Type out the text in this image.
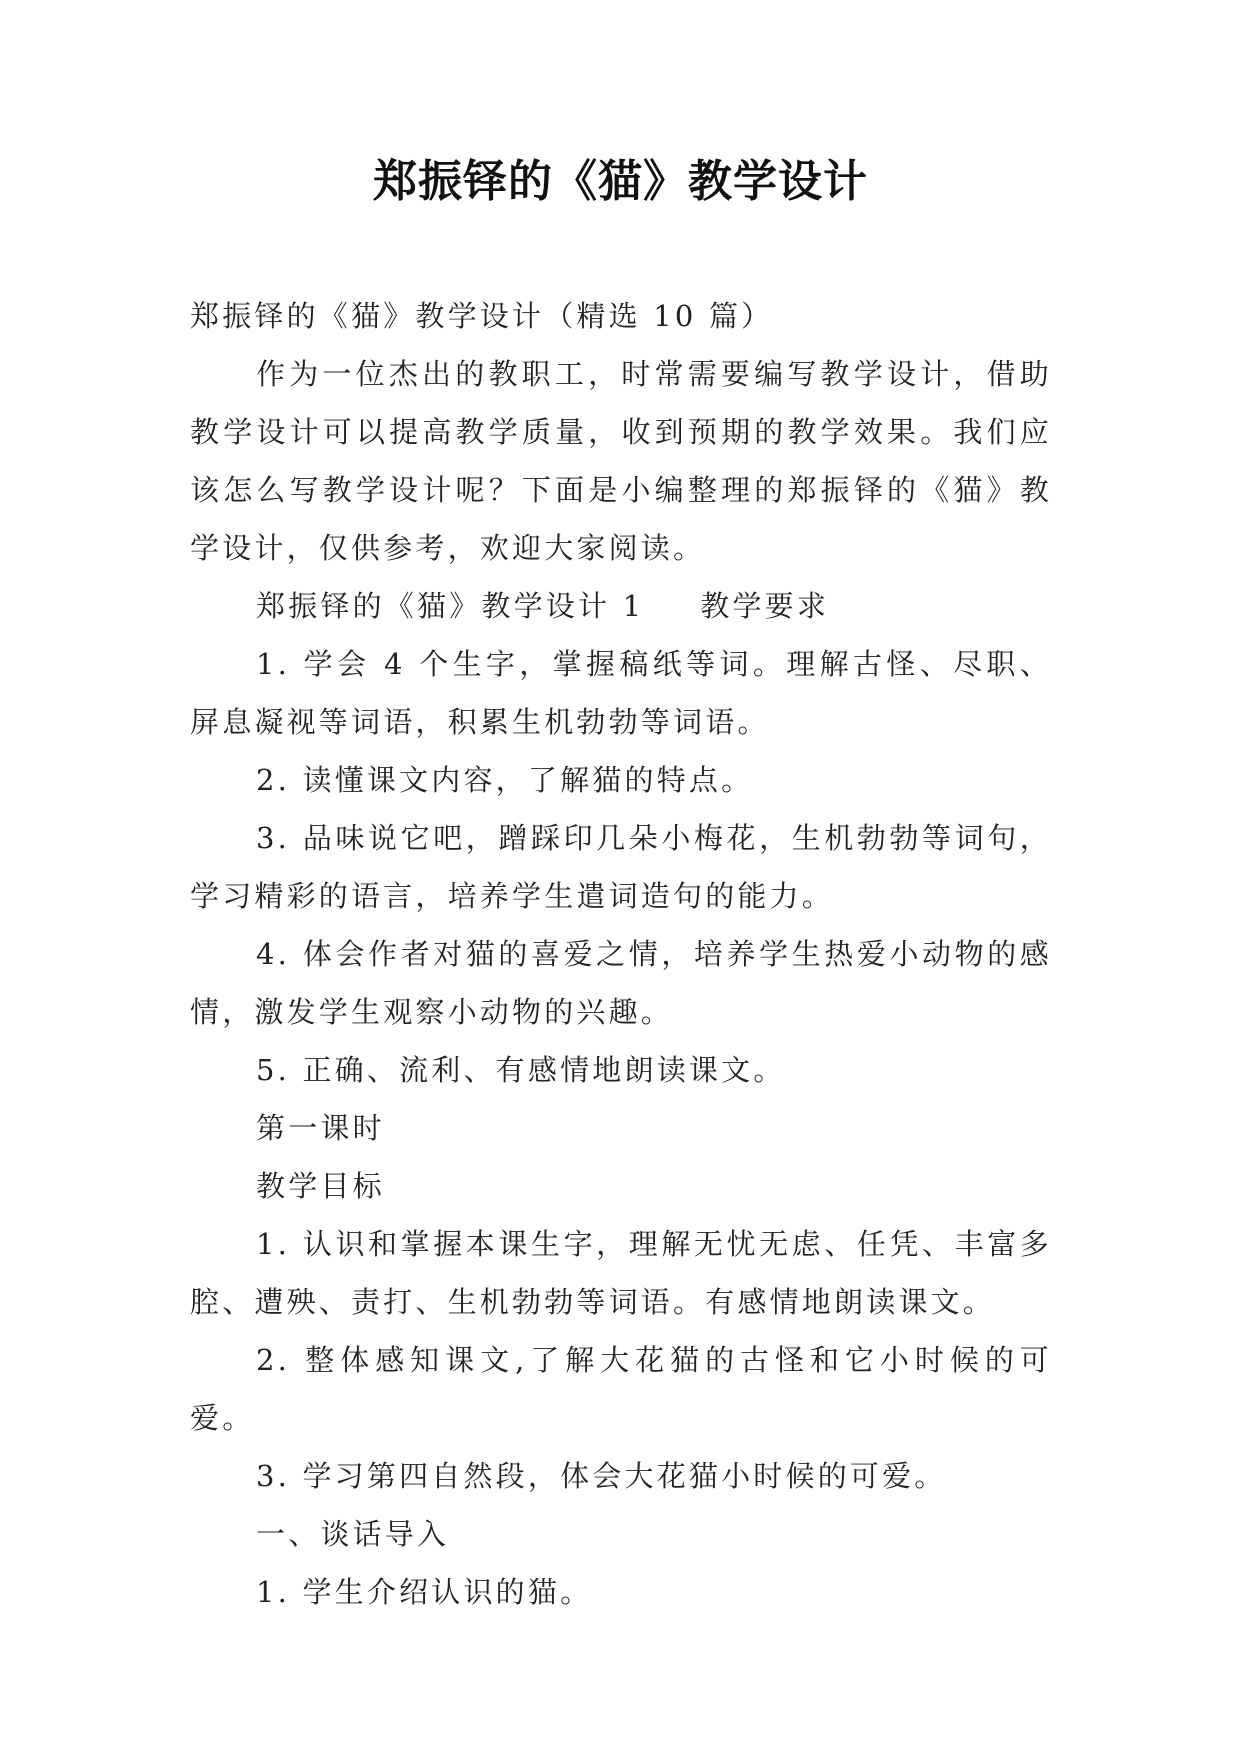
郑振铎的《猫》教学设计

郑振铎的《猫》教学设计（精选 10 篇）

作为一位杰出的教职工，时常需要编写教学设计，借助教学设计可以提高教学质量，收到预期的教学效果。我们应该怎么写教学设计呢？下面是小编整理的郑振铎的《猫》教学设计，仅供参考，欢迎大家阅读。

郑振铎的《猫》教学设计 1 教学要求

1. 学会 4 个生字，掌握稿纸等词。理解古怪、尽职、屏息凝视等词语，积累生机勃勃等词语。

2. 读懂课文内容，了解猫的特点。

3. 品味说它吧，蹭踩印几朵小梅花，生机勃勃等词句，学习精彩的语言，培养学生遣词造句的能力。

4. 体会作者对猫的喜爱之情，培养学生热爱小动物的感情，激发学生观察小动物的兴趣。

5. 正确、流利、有感情地朗读课文。

第一课时

教学目标

1. 认识和掌握本课生字，理解无忧无虑、任凭、丰富多腔、遭殃、责打、生机勃勃等词语。有感情地朗读课文。

2. 整体感知课文,了解大花猫的古怪和它小时候的可爱。

3. 学习第四自然段，体会大花猫小时候的可爱。

一、谈话导入

1. 学生介绍认识的猫。
